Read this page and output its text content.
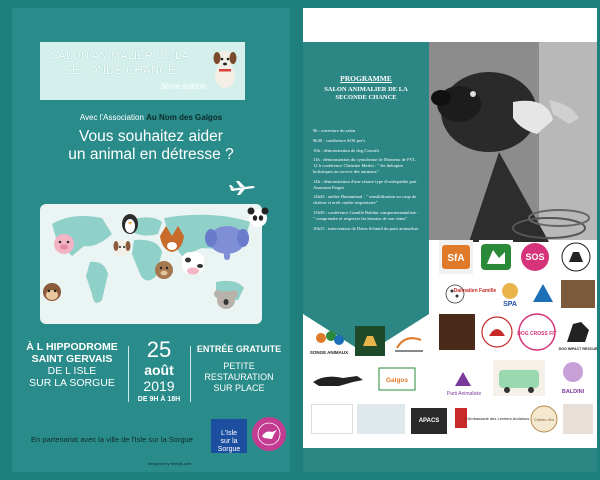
SALON ANIMALIER DE LA
SECONDE CHANCE
3ème édition
Avec l'Association Au Nom des Galgos
Vous souhaitez aider
un animal en détresse ?
À L HIPPODROME
SAINT GERVAIS
DE L ISLE
SUR LA SORGUE
25
août
2019
DE 9H À 18H
ENTRÉE GRATUITE
PETITE
RESTAURATION
SUR PLACE
En partenariat avec la ville de l'Isle sur la Sorgue
L'Isle
sur la
Sorgue
designed by freepik.com
PROGRAMME
SALON ANIMALIER DE LA
SECONDE CHANCE
9h : ouverture du salon
9h30 : conférence SOS per's
10h : démonstration de dog Crossfit
11h : démonstration du cynodrome de Monteux de PVL 12 h conférence Christine Merlet : " les thérapies holistiques au service des animaux"
14h : démonstration d'une séance type d'ostéopathie part Anastasia Farges
14h45 : atelier Humanimal : " sensibilisation au coup de chaleur et arrêt cardio-respiratoire"
15h30 : conférence Camille Baldini comportementaliste : " comprendre et respecter les besoins de son chien"
16h15 : intervention de Denis Schmid du parti animaliste.
SfA	SOS
Dalmatien Famille
SPA
DOG CROSS FIT
DOG IMPACT RESCUE
SONGE ANIMAUX
Galgos
Parti Animaliste	BALDINI
APACS	L'Ambassade des Lévriers Andalous Chiens d'ici
